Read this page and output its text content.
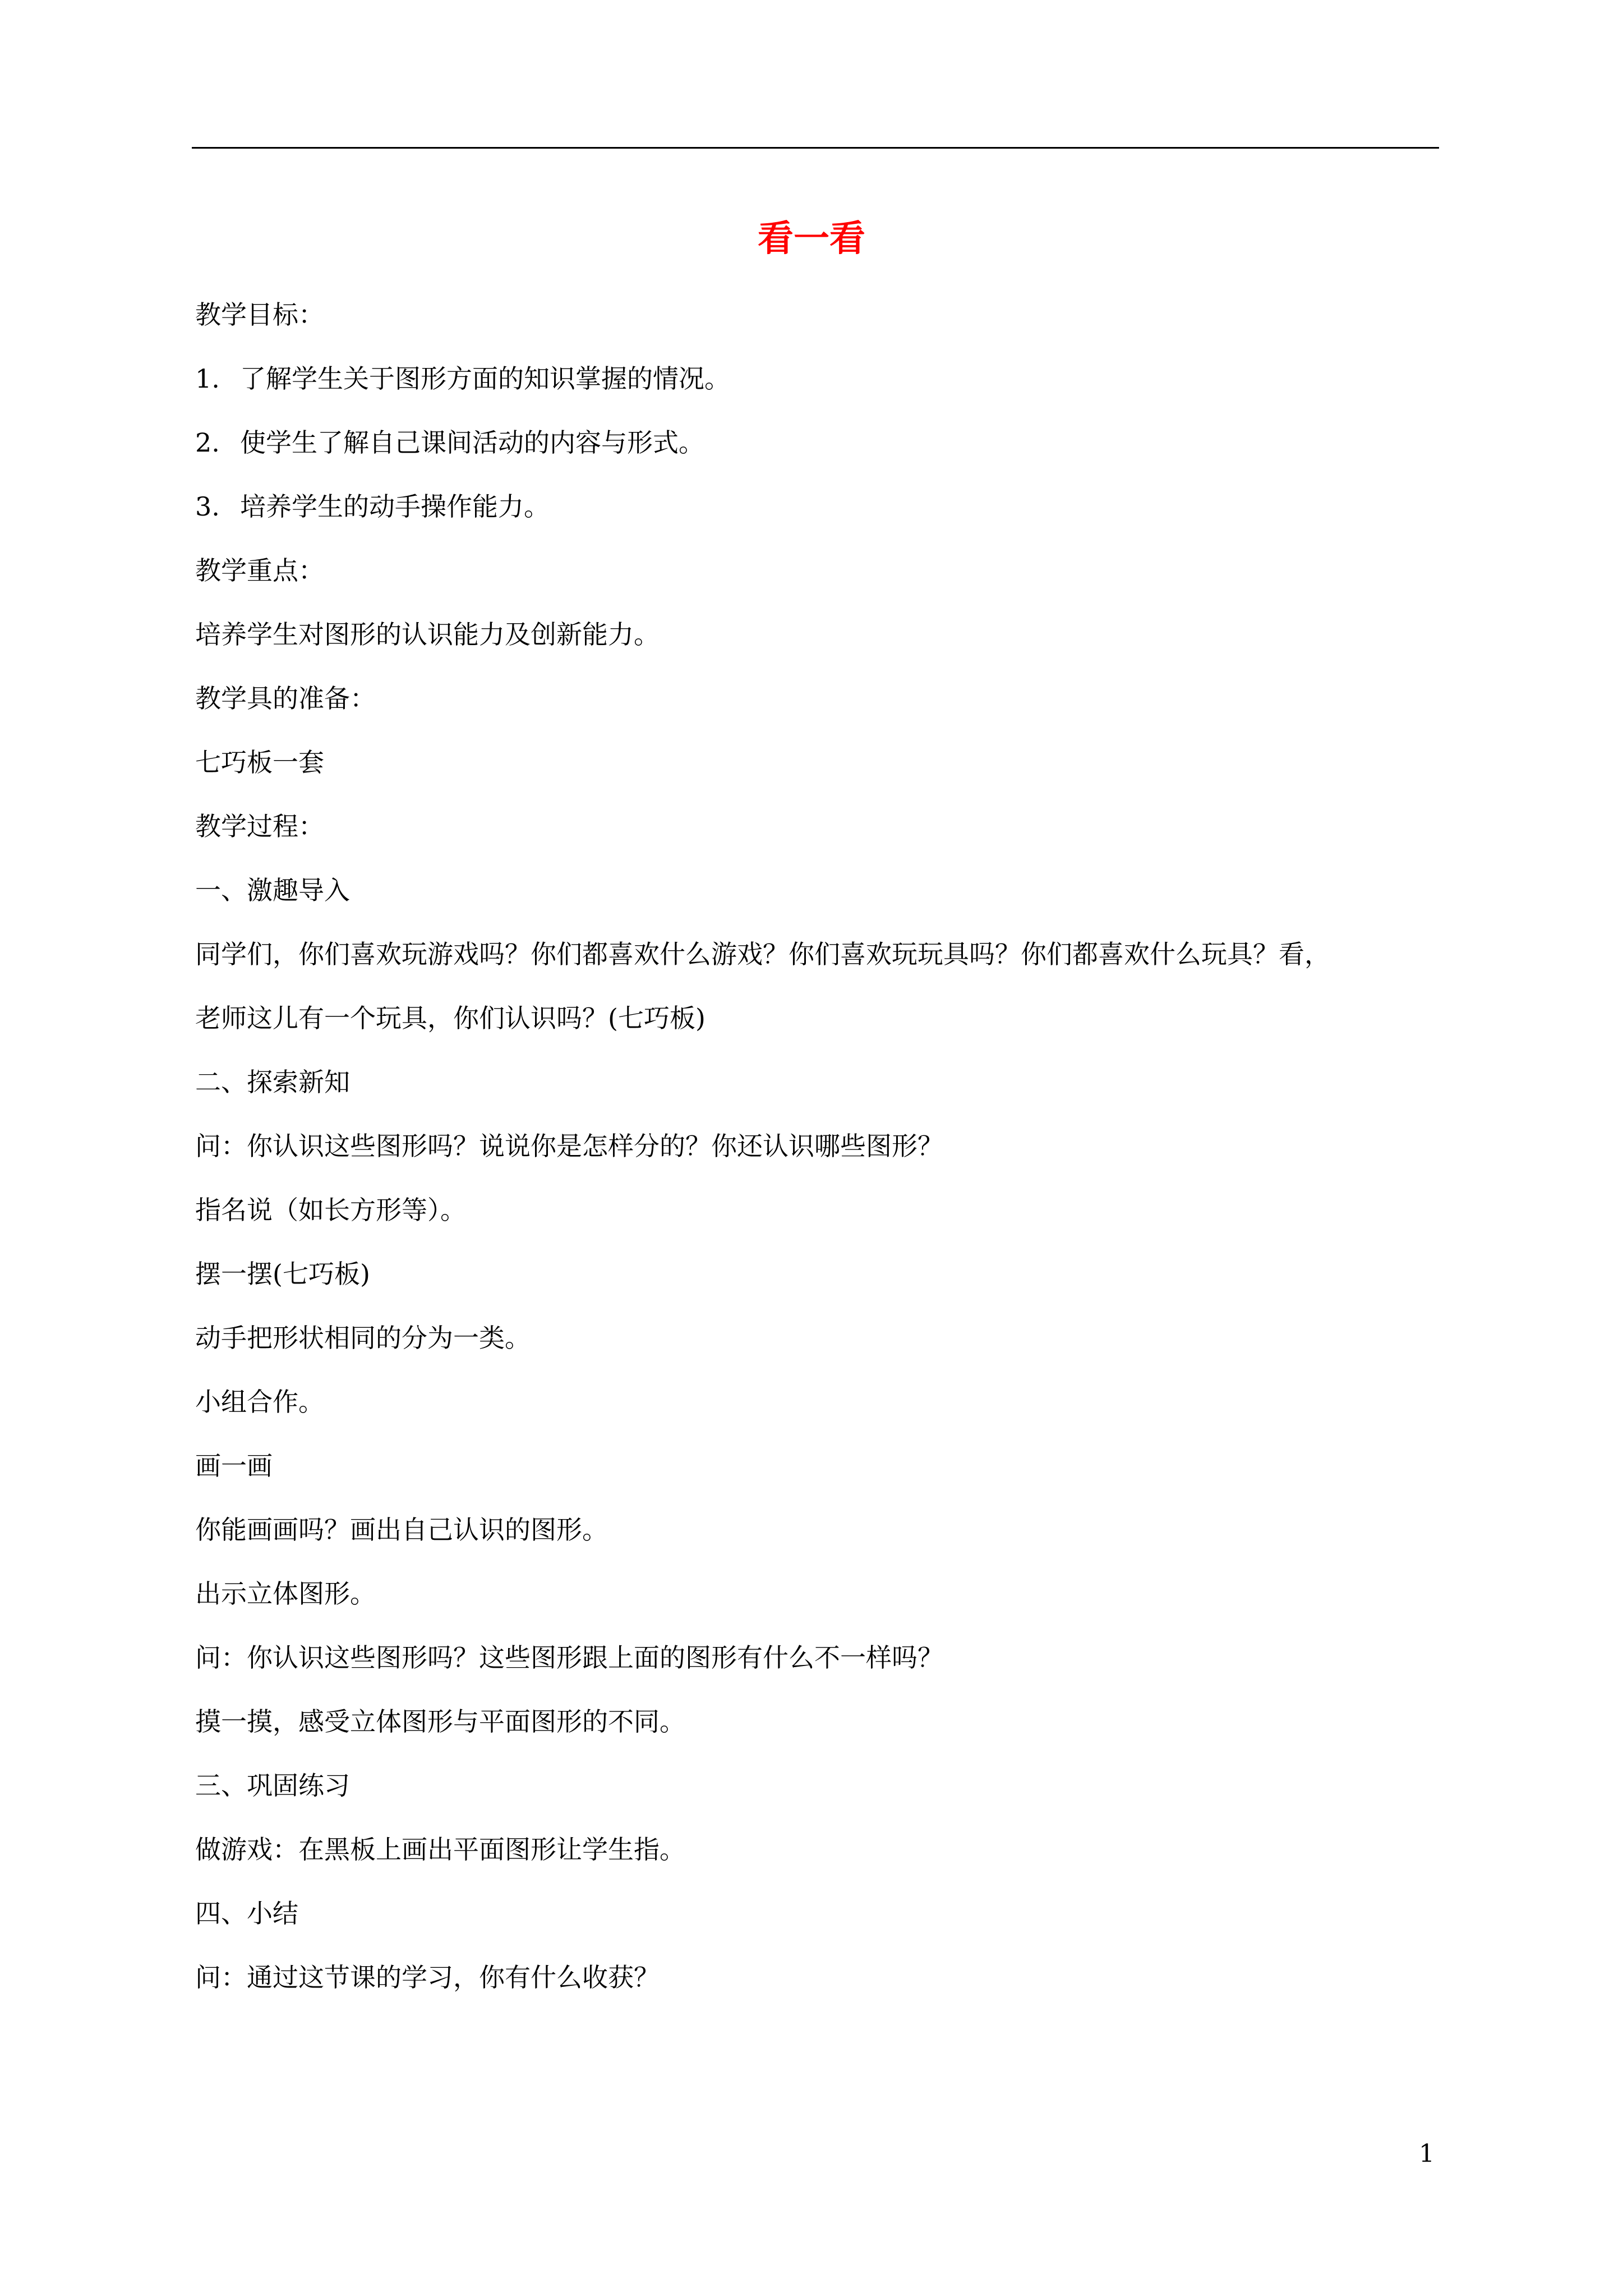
看一看

教学目标：

1. 了解学生关于图形方面的知识掌握的情况。

2. 使学生了解自己课间活动的内容与形式。

3. 培养学生的动手操作能力。

教学重点：

培养学生对图形的认识能力及创新能力。

教学具的准备：

七巧板一套

教学过程：

一、激趣导入

同学们，你们喜欢玩游戏吗？你们都喜欢什么游戏？你们喜欢玩玩具吗？你们都喜欢什么玩具？看，

老师这儿有一个玩具，你们认识吗？(七巧板)

二、探索新知

问：你认识这些图形吗？说说你是怎样分的？你还认识哪些图形？

指名说（如长方形等）。

摆一摆(七巧板)

动手把形状相同的分为一类。

小组合作。

画一画

你能画画吗？画出自己认识的图形。

出示立体图形。

问：你认识这些图形吗？这些图形跟上面的图形有什么不一样吗？

摸一摸，感受立体图形与平面图形的不同。

三、巩固练习

做游戏：在黑板上画出平面图形让学生指。

四、小结

问：通过这节课的学习，你有什么收获？

1
